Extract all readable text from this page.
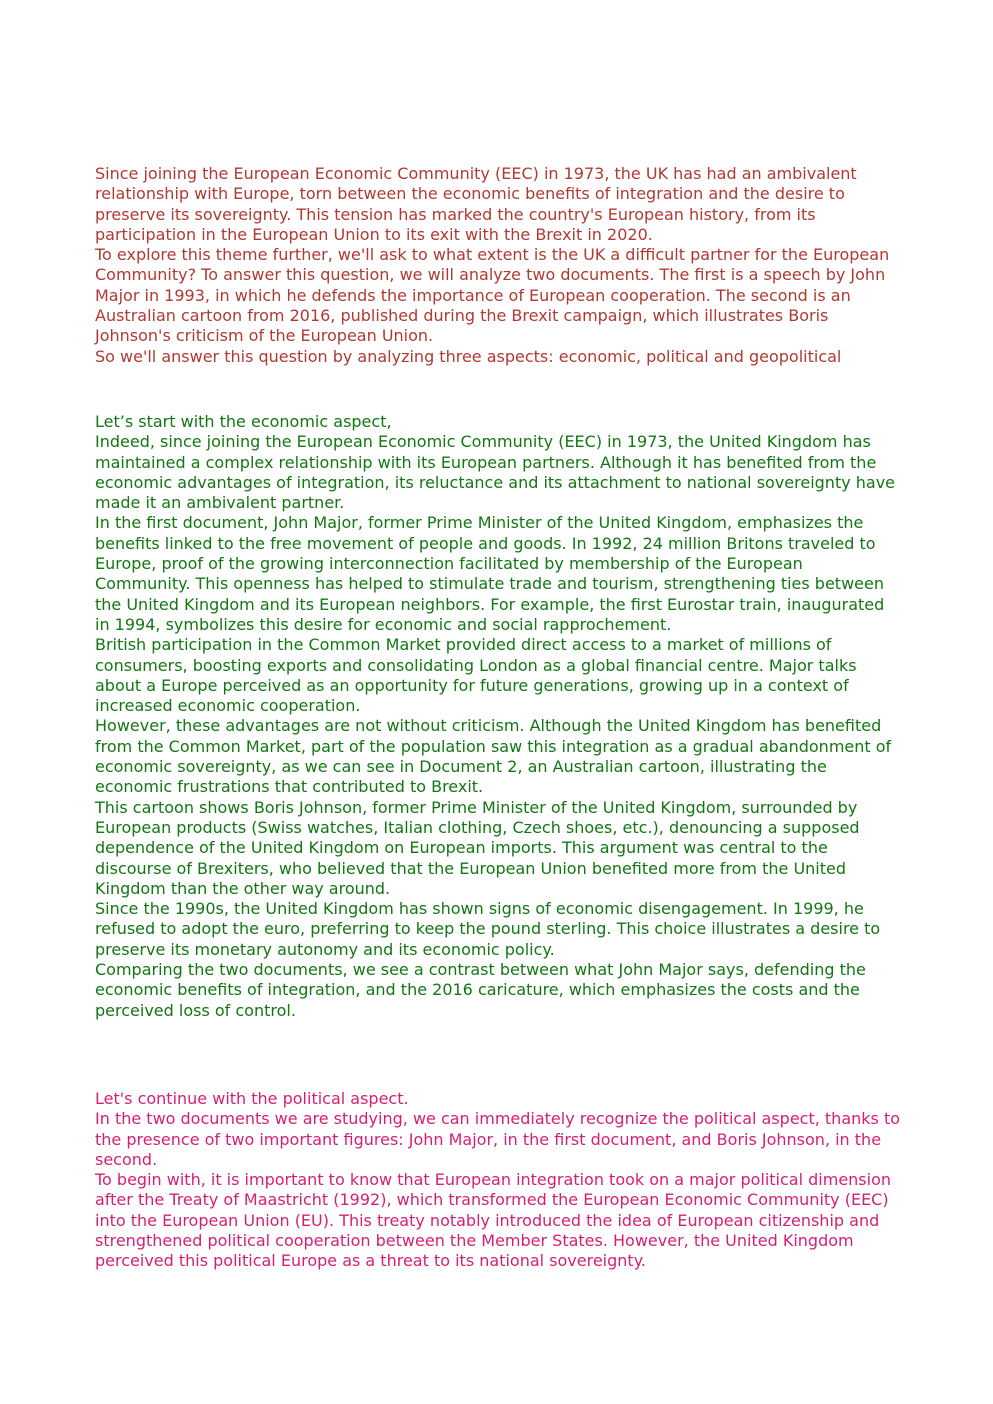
Since joining the European Economic Community (EEC) in 1973, the UK has had an ambivalent relationship with Europe, torn between the economic benefits of integration and the desire to preserve its sovereignty. This tension has marked the country's European history, from its participation in the European Union to its exit with the Brexit in 2020.

To explore this theme further, we'll ask to what extent is the UK a difficult partner for the European Community? To answer this question, we will analyze two documents. The first is a speech by John Major in 1993, in which he defends the importance of European cooperation. The second is an Australian cartoon from 2016, published during the Brexit campaign, which illustrates Boris Johnson's criticism of the European Union.

So we'll answer this question by analyzing three aspects: economic, political and geopolitical

Let’s start with the economic aspect,

Indeed, since joining the European Economic Community (EEC) in 1973, the United Kingdom has maintained a complex relationship with its European partners. Although it has benefited from the economic advantages of integration, its reluctance and its attachment to national sovereignty have made it an ambivalent partner.

In the first document, John Major, former Prime Minister of the United Kingdom, emphasizes the benefits linked to the free movement of people and goods. In 1992, 24 million Britons traveled to Europe, proof of the growing interconnection facilitated by membership of the European Community. This openness has helped to stimulate trade and tourism, strengthening ties between the United Kingdom and its European neighbors. For example, the first Eurostar train, inaugurated in 1994, symbolizes this desire for economic and social rapprochement.

British participation in the Common Market provided direct access to a market of millions of consumers, boosting exports and consolidating London as a global financial centre. Major talks about a Europe perceived as an opportunity for future generations, growing up in a context of increased economic cooperation.

However, these advantages are not without criticism. Although the United Kingdom has benefited from the Common Market, part of the population saw this integration as a gradual abandonment of economic sovereignty, as we can see in Document 2, an Australian cartoon, illustrating the economic frustrations that contributed to Brexit.

This cartoon shows Boris Johnson, former Prime Minister of the United Kingdom, surrounded by European products (Swiss watches, Italian clothing, Czech shoes, etc.), denouncing a supposed dependence of the United Kingdom on European imports. This argument was central to the discourse of Brexiters, who believed that the European Union benefited more from the United Kingdom than the other way around.

Since the 1990s, the United Kingdom has shown signs of economic disengagement. In 1999, he refused to adopt the euro, preferring to keep the pound sterling. This choice illustrates a desire to preserve its monetary autonomy and its economic policy.

Comparing the two documents, we see a contrast between what John Major says, defending the economic benefits of integration, and the 2016 caricature, which emphasizes the costs and the perceived loss of control.

Let's continue with the political aspect.

In the two documents we are studying, we can immediately recognize the political aspect, thanks to the presence of two important figures: John Major, in the first document, and Boris Johnson, in the second.

To begin with, it is important to know that European integration took on a major political dimension after the Treaty of Maastricht (1992), which transformed the European Economic Community (EEC) into the European Union (EU). This treaty notably introduced the idea of European citizenship and strengthened political cooperation between the Member States. However, the United Kingdom perceived this political Europe as a threat to its national sovereignty.
